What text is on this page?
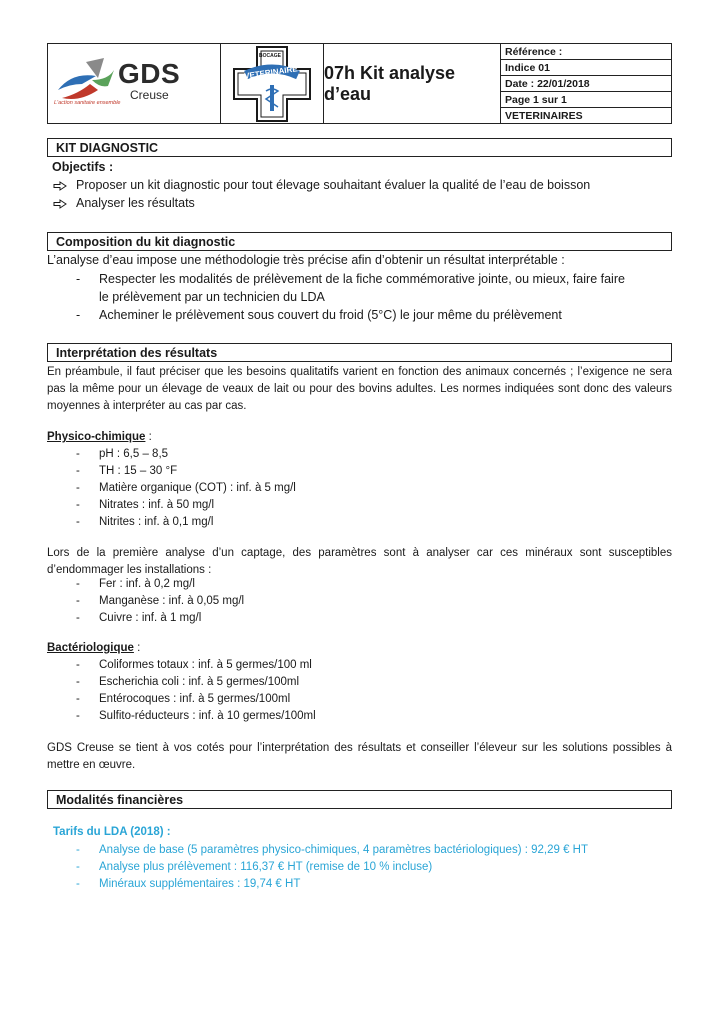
GDS
Creuse
L'action sanitaire ensemble
BOCAGE
VETERINAIRE 07h Kit analyse d’eau
Référence :
Indice 01
Date : 22/01/2018
Page 1 sur 1
VETERINAIRES
KIT DIAGNOSTIC
Objectifs :
Proposer un kit diagnostic pour tout élevage souhaitant évaluer la qualité de l’eau de boisson
Analyser les résultats
Composition du kit diagnostic
L’analyse d’eau impose une méthodologie très précise afin d’obtenir un résultat interprétable :
- Respecter les modalités de prélèvement de la fiche commémorative jointe, ou mieux, faire faire
le prélèvement par un technicien du LDA
- Acheminer le prélèvement sous couvert du froid (5°C) le jour même du prélèvement
Interprétation des résultats
En préambule, il faut préciser que les besoins qualitatifs varient en fonction des animaux concernés ; l’exigence ne sera pas la même pour un élevage de veaux de lait ou pour des bovins adultes. Les normes indiquées sont donc des valeurs moyennes à interpréter au cas par cas.
Physico-chimique :
- pH : 6,5 – 8,5
- TH : 15 – 30 °F
- Matière organique (COT) : inf. à 5 mg/l
- Nitrates : inf. à 50 mg/l
- Nitrites : inf. à 0,1 mg/l
Lors de la première analyse d’un captage, des paramètres sont à analyser car ces minéraux sont susceptibles d’endommager les installations :
- Fer : inf. à 0,2 mg/l
- Manganèse : inf. à 0,05 mg/l
- Cuivre : inf. à 1 mg/l
Bactériologique :
- Coliformes totaux : inf. à 5 germes/100 ml
- Escherichia coli : inf. à 5 germes/100ml
- Entérocoques : inf. à 5 germes/100ml
- Sulfito-réducteurs : inf. à 10 germes/100ml
GDS Creuse se tient à vos cotés pour l’interprétation des résultats et conseiller l’éleveur sur les solutions possibles à mettre en œuvre.
Modalités financières
Tarifs du LDA (2018) :
- Analyse de base (5 paramètres physico-chimiques, 4 paramètres bactériologiques) : 92,29 € HT
- Analyse plus prélèvement : 116,37 € HT (remise de 10 % incluse)
- Minéraux supplémentaires : 19,74 € HT
